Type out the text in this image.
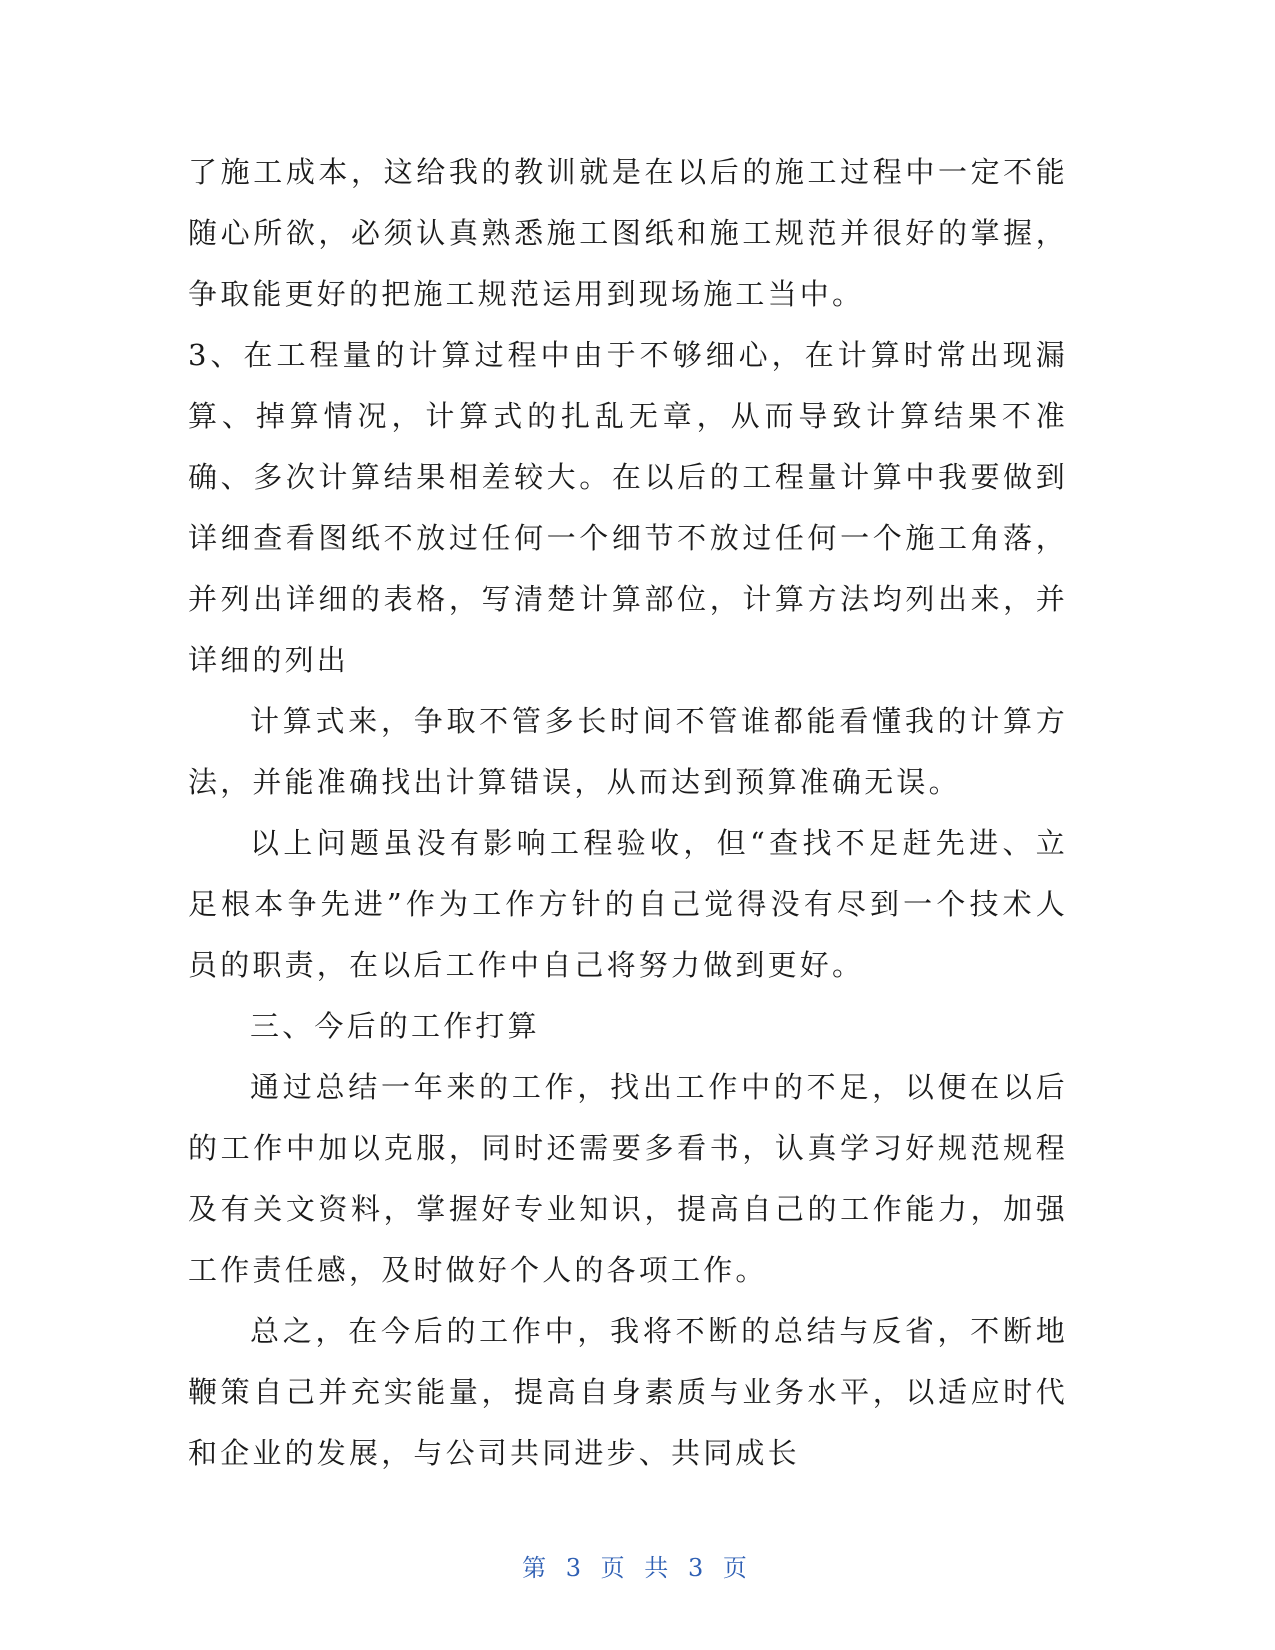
了施工成本，这给我的教训就是在以后的施工过程中一定不能随心所欲，必须认真熟悉施工图纸和施工规范并很好的掌握，争取能更好的把施工规范运用到现场施工当中。

3、在工程量的计算过程中由于不够细心，在计算时常出现漏算、掉算情况，计算式的扎乱无章，从而导致计算结果不准确、多次计算结果相差较大。在以后的工程量计算中我要做到详细查看图纸不放过任何一个细节不放过任何一个施工角落，并列出详细的表格，写清楚计算部位，计算方法均列出来，并详细的列出

计算式来，争取不管多长时间不管谁都能看懂我的计算方法，并能准确找出计算错误，从而达到预算准确无误。

以上问题虽没有影响工程验收，但“查找不足赶先进、立足根本争先进”作为工作方针的自己觉得没有尽到一个技术人员的职责，在以后工作中自己将努力做到更好。

三、今后的工作打算

通过总结一年来的工作，找出工作中的不足，以便在以后的工作中加以克服，同时还需要多看书，认真学习好规范规程及有关文资料，掌握好专业知识，提高自己的工作能力，加强工作责任感，及时做好个人的各项工作。

总之，在今后的工作中，我将不断的总结与反省，不断地鞭策自己并充实能量，提高自身素质与业务水平，以适应时代和企业的发展，与公司共同进步、共同成长

第 3 页 共 3 页
